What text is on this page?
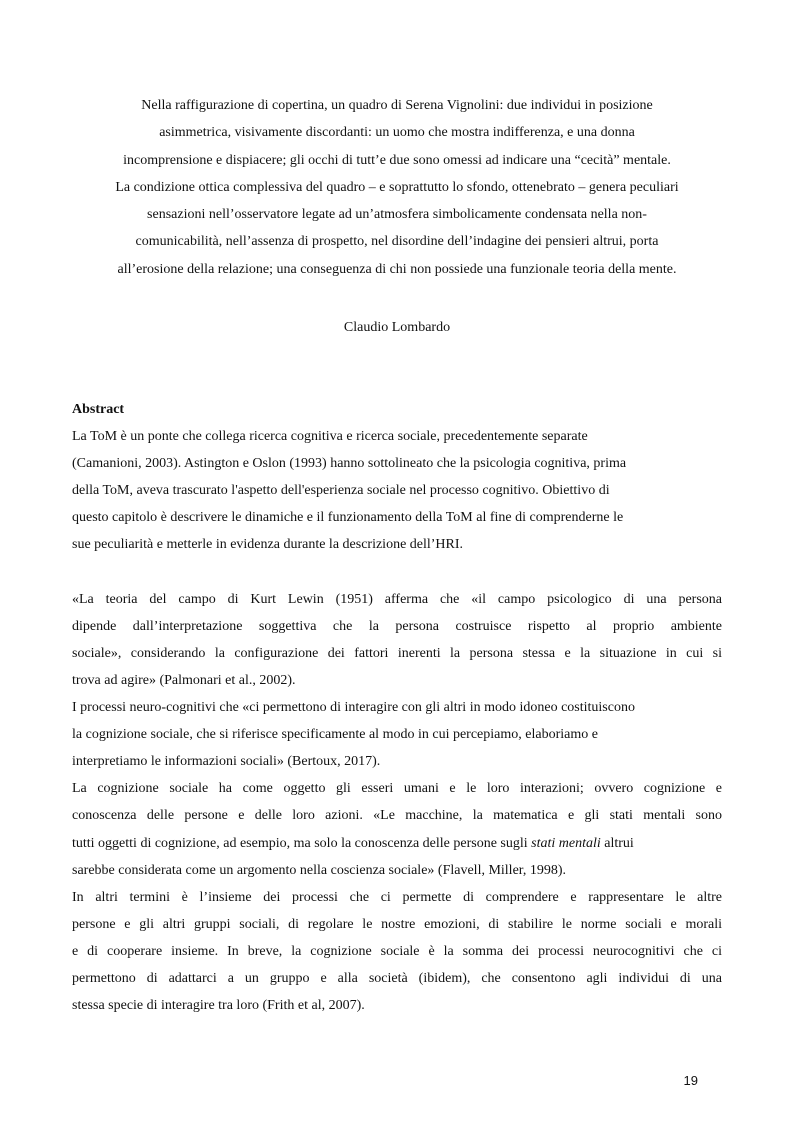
Nella raffigurazione di copertina, un quadro di Serena Vignolini: due individui in posizione
asimmetrica, visivamente discordanti: un uomo che mostra indifferenza, e una donna
incomprensione e dispiacere; gli occhi di tutt’e due sono omessi ad indicare una “cecità” mentale.
La condizione ottica complessiva del quadro – e soprattutto lo sfondo, ottenebrato – genera peculiari
sensazioni nell’osservatore legate ad un’atmosfera simbolicamente condensata nella non-
comunicabilità, nell’assenza di prospetto, nel disordine dell’indagine dei pensieri altrui, porta
all’erosione della relazione; una conseguenza di chi non possiede una funzionale teoria della mente.
Claudio Lombardo

Abstract

La ToM è un ponte che collega ricerca cognitiva e ricerca sociale, precedentemente separate
(Camanioni, 2003). Astington e Oslon (1993) hanno sottolineato che la psicologia cognitiva, prima
della ToM, aveva trascurato l'aspetto dell'esperienza sociale nel processo cognitivo. Obiettivo di
questo capitolo è descrivere le dinamiche e il funzionamento della ToM al fine di comprenderne le
sue peculiarità e metterle in evidenza durante la descrizione dell’HRI.
«La teoria del campo di Kurt Lewin (1951) afferma che «il campo psicologico di una persona
dipende dall’interpretazione soggettiva che la persona costruisce rispetto al proprio ambiente
sociale», considerando la configurazione dei fattori inerenti la persona stessa e la situazione in cui si
trova ad agire» (Palmonari et al., 2002).
I processi neuro-cognitivi che «ci permettono di interagire con gli altri in modo idoneo costituiscono
la cognizione sociale, che si riferisce specificamente al modo in cui percepiamo, elaboriamo e
interpretiamo le informazioni sociali» (Bertoux, 2017).
La cognizione sociale ha come oggetto gli esseri umani e le loro interazioni; ovvero cognizione e
conoscenza delle persone e delle loro azioni. «Le macchine, la matematica e gli stati mentali sono
tutti oggetti di cognizione, ad esempio, ma solo la conoscenza delle persone sugli stati mentali altrui
sarebbe considerata come un argomento nella coscienza sociale» (Flavell, Miller, 1998).
In altri termini è l’insieme dei processi che ci permette di comprendere e rappresentare le altre
persone e gli altri gruppi sociali, di regolare le nostre emozioni, di stabilire le norme sociali e morali
e di cooperare insieme. In breve, la cognizione sociale è la somma dei processi neurocognitivi che ci
permettono di adattarci a un gruppo e alla società (ibidem), che consentono agli individui di una
stessa specie di interagire tra loro (Frith et al, 2007).
19
